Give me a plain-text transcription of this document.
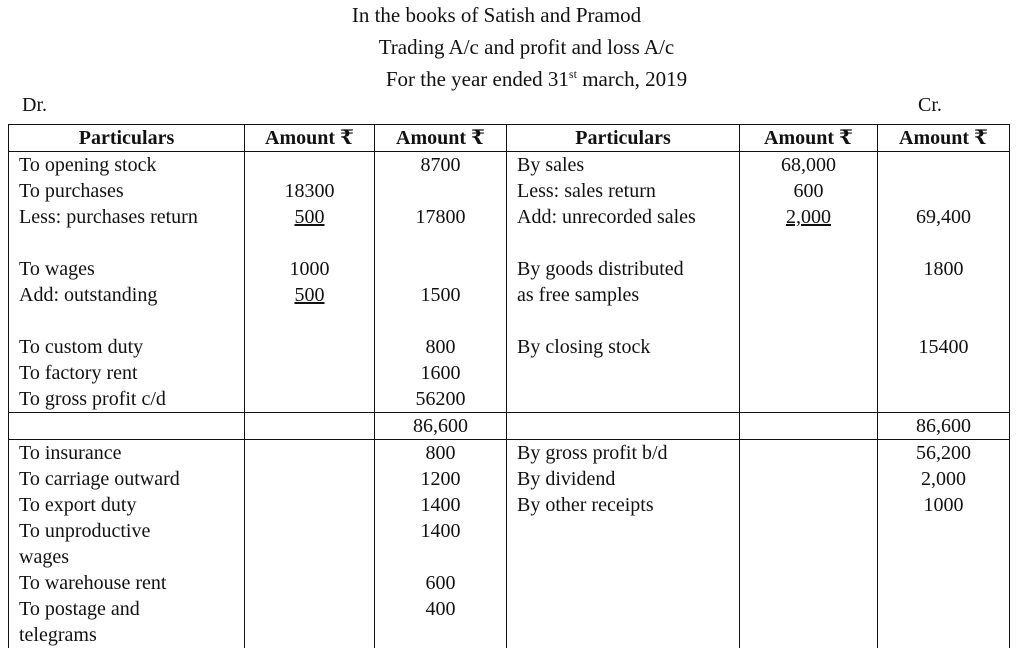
In the books of Satish and Pramod
Trading A/c and profit and loss A/c
For the year ended 31st march, 2019
Dr.	Cr.
Particulars	Amount ₹	Amount ₹	Particulars	Amount ₹	Amount ₹
To opening stock		8700	By sales	68,000	
To purchases	18300		Less: sales return	600	
Less: purchases return	500	17800	Add: unrecorded sales	2,000	69,400

To wages	1000		By goods distributed		1800
Add: outstanding	500	1500	as free samples		

To custom duty		800	By closing stock		15400
To factory rent		1600			
To gross profit c/d		56200			
		86,600			86,600
To insurance		800	By gross profit b/d		56,200
To carriage outward		1200	By dividend		2,000
To export duty		1400	By other receipts		1000
To unproductive		1400			
wages					
To warehouse rent		600			
To postage and		400			
telegrams					
